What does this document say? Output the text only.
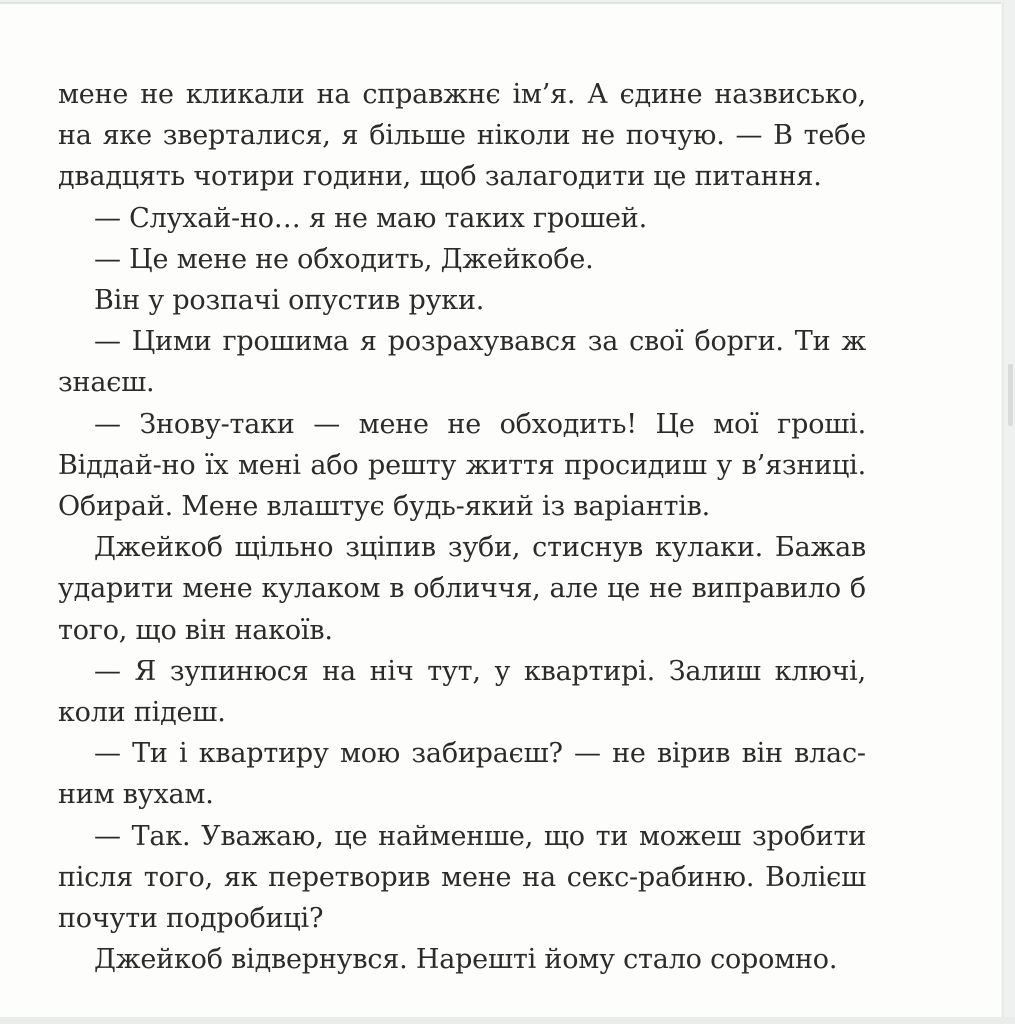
мене не кликали на справжнє ім’я. А єдине назвисько, на яке зверталися, я більше ніколи не почую. — В тебе двадцять чотири години, щоб залагодити це питання.

— Слухай-но… я не маю таких грошей.

— Це мене не обходить, Джейкобе.

Він у розпачі опустив руки.

— Цими грошима я розрахувався за свої борги. Ти ж знаєш.

— Знову-таки — мене не обходить! Це мої гроші. Віддай-но їх мені або решту життя просидиш у в’язниці. Обирай. Мене влаштує будь-який із варіантів.

Джейкоб щільно зціпив зуби, стиснув кулаки. Бажав ударити мене кулаком в обличчя, але це не виправило б того, що він накоїв.

— Я зупинюся на ніч тут, у квартирі. Залиш ключі, коли підеш.

— Ти і квартиру мою забираєш? — не вірив він власним вухам.

— Так. Уважаю, це найменше, що ти можеш зробити після того, як перетворив мене на секс-рабиню. Волієш почути подробиці?

Джейкоб відвернувся. Нарешті йому стало соромно.
